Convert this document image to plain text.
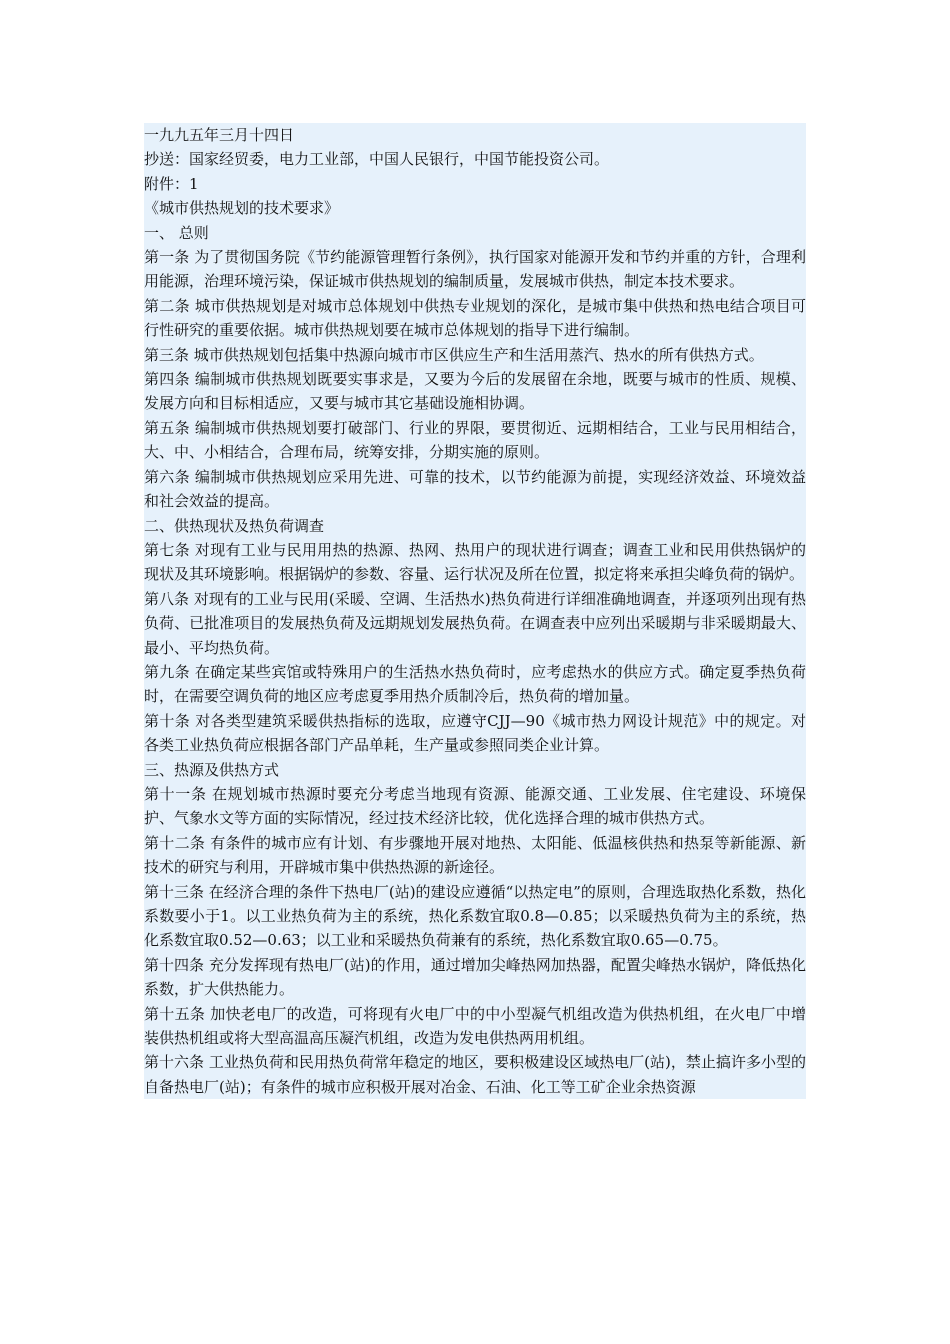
一九九五年三月十四日

抄送：国家经贸委，电力工业部，中国人民银行，中国节能投资公司。

附件：1

《城市供热规划的技术要求》

一、 总则

第一条 为了贯彻国务院《节约能源管理暂行条例》，执行国家对能源开发和节约并重的方针，合理利用能源，治理环境污染，保证城市供热规划的编制质量，发展城市供热，制定本技术要求。

第二条 城市供热规划是对城市总体规划中供热专业规划的深化，是城市集中供热和热电结合项目可行性研究的重要依据。城市供热规划要在城市总体规划的指导下进行编制。

第三条 城市供热规划包括集中热源向城市市区供应生产和生活用蒸汽、热水的所有供热方式。

第四条 编制城市供热规划既要实事求是，又要为今后的发展留在余地，既要与城市的性质、规模、发展方向和目标相适应，又要与城市其它基础设施相协调。

第五条 编制城市供热规划要打破部门、行业的界限，要贯彻近、远期相结合，工业与民用相结合，大、中、小相结合，合理布局，统筹安排，分期实施的原则。

第六条 编制城市供热规划应采用先进、可靠的技术，以节约能源为前提，实现经济效益、环境效益和社会效益的提高。

二、供热现状及热负荷调查

第七条 对现有工业与民用用热的热源、热网、热用户的现状进行调查；调查工业和民用供热锅炉的现状及其环境影响。根据锅炉的参数、容量、运行状况及所在位置，拟定将来承担尖峰负荷的锅炉。

第八条 对现有的工业与民用(采暖、空调、生活热水)热负荷进行详细准确地调查，并逐项列出现有热负荷、已批准项目的发展热负荷及远期规划发展热负荷。在调查表中应列出采暖期与非采暖期最大、最小、平均热负荷。

第九条 在确定某些宾馆或特殊用户的生活热水热负荷时，应考虑热水的供应方式。确定夏季热负荷时，在需要空调负荷的地区应考虑夏季用热介质制冷后，热负荷的增加量。

第十条 对各类型建筑采暖供热指标的选取，应遵守CJJ—90《城市热力网设计规范》中的规定。对各类工业热负荷应根据各部门产品单耗，生产量或参照同类企业计算。

三、热源及供热方式

第十一条 在规划城市热源时要充分考虑当地现有资源、能源交通、工业发展、住宅建设、环境保护、气象水文等方面的实际情况，经过技术经济比较，优化选择合理的城市供热方式。

第十二条 有条件的城市应有计划、有步骤地开展对地热、太阳能、低温核供热和热泵等新能源、新技术的研究与利用，开辟城市集中供热热源的新途径。

第十三条 在经济合理的条件下热电厂(站)的建设应遵循“以热定电”的原则，合理选取热化系数，热化系数要小于1。以工业热负荷为主的系统，热化系数宜取0.8—0.85；以采暖热负荷为主的系统，热化系数宜取0.52—0.63；以工业和采暖热负荷兼有的系统，热化系数宜取0.65—0.75。

第十四条 充分发挥现有热电厂(站)的作用，通过增加尖峰热网加热器，配置尖峰热水锅炉，降低热化系数，扩大供热能力。

第十五条 加快老电厂的改造，可将现有火电厂中的中小型凝气机组改造为供热机组，在火电厂中增装供热机组或将大型高温高压凝汽机组，改造为发电供热两用机组。

第十六条 工业热负荷和民用热负荷常年稳定的地区，要积极建设区域热电厂(站)，禁止搞许多小型的自备热电厂(站)；有条件的城市应积极开展对冶金、石油、化工等工矿企业余热资源
